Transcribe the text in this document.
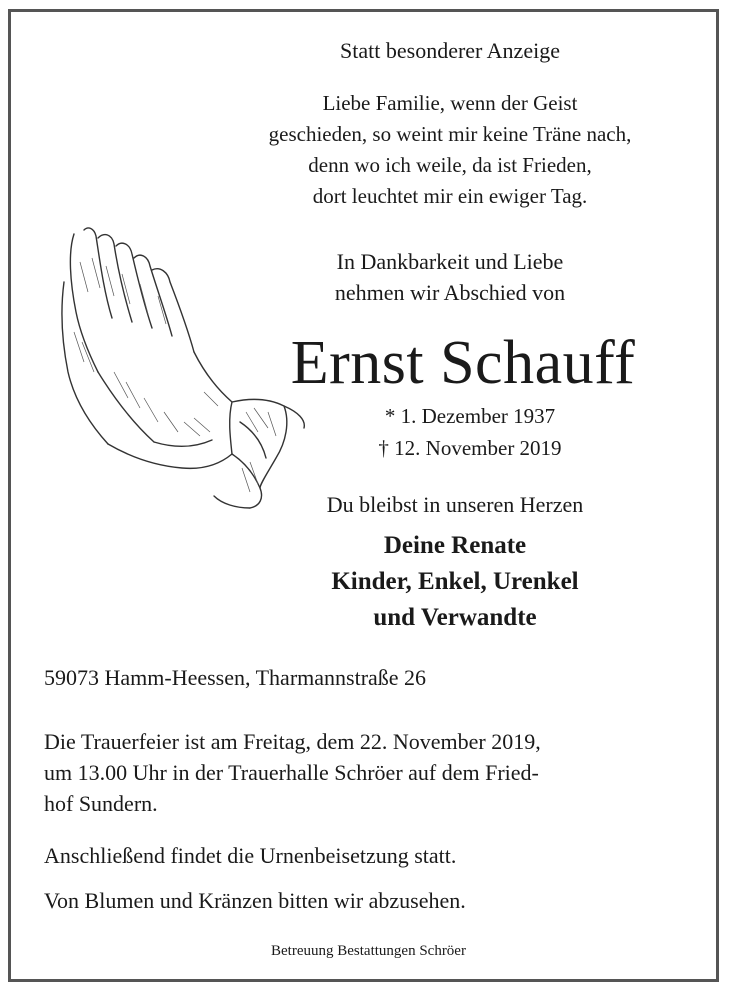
Statt besonderer Anzeige
Liebe Familie, wenn der Geist
geschieden, so weint mir keine Träne nach,
denn wo ich weile, da ist Frieden,
dort leuchtet mir ein ewiger Tag.
In Dankbarkeit und Liebe
nehmen wir Abschied von
Ernst Schauff
* 1. Dezember 1937
† 12. November 2019
Du bleibst in unseren Herzen
Deine Renate
Kinder, Enkel, Urenkel
und Verwandte
59073 Hamm-Heessen, Tharmannstraße 26
Die Trauerfeier ist am Freitag, dem 22. November 2019,
um 13.00 Uhr in der Trauerhalle Schröer auf dem Fried-
hof Sundern.
Anschließend findet die Urnenbeisetzung statt.
Von Blumen und Kränzen bitten wir abzusehen.
Betreuung Bestattungen Schröer
